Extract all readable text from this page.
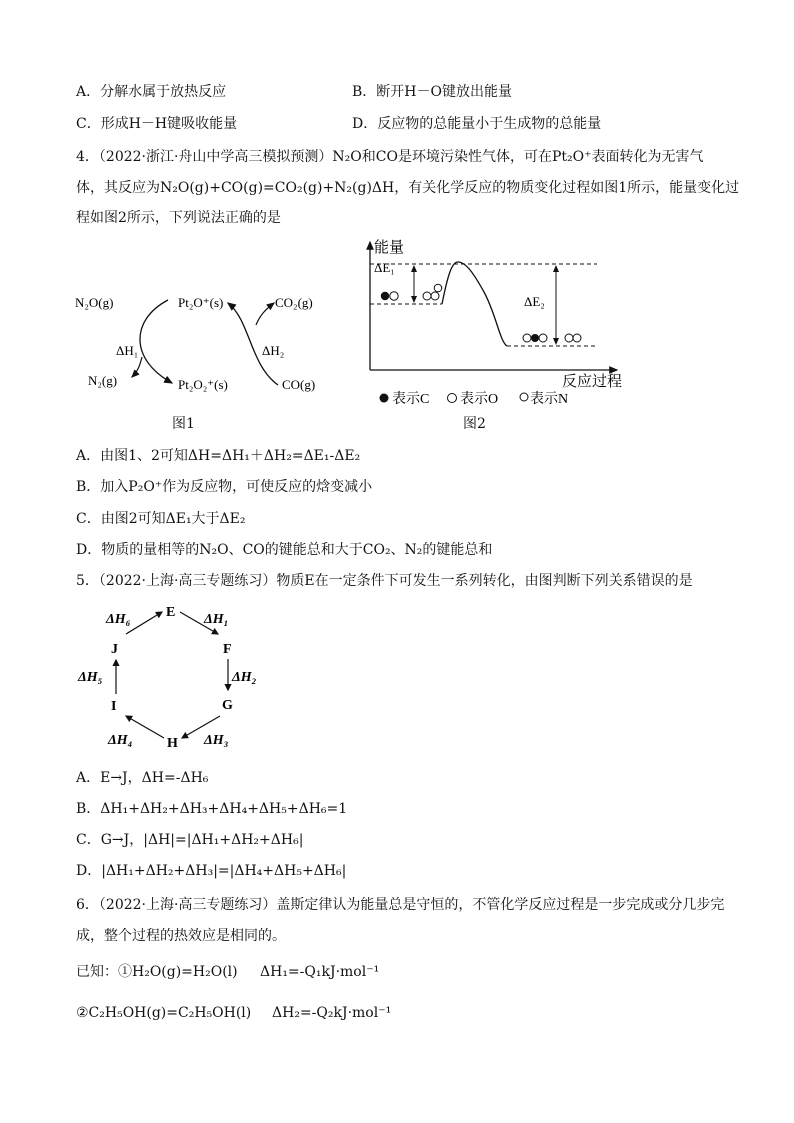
A．分解水属于放热反应	B．断开H－O键放出能量
C．形成H－H键吸收能量	D．反应物的总能量小于生成物的总能量
4．（2022·浙江·舟山中学高三模拟预测）N₂O和CO是环境污染性气体，可在Pt₂O⁺表面转化为无害气
体，其反应为N₂O(g)+CO(g)=CO₂(g)+N₂(g)ΔH，有关化学反应的物质变化过程如图1所示，能量变化过
程如图2所示，下列说法正确的是
N₂O(g)	Pt₂O⁺(s)	CO₂(g)
ΔH₁	ΔH₂
N₂(g)	Pt₂O₂⁺(s)	CO(g)
图1
能量
反应过程
ΔE₁
ΔE₂
表示C 表示O 表示N
图2
A．由图1、2可知ΔH=ΔH₁＋ΔH₂=ΔE₁-ΔE₂
B．加入P₂O⁺作为反应物，可使反应的焓变减小
C．由图2可知ΔE₁大于ΔE₂
D．物质的量相等的N₂O、CO的键能总和大于CO₂、N₂的键能总和
5．（2022·上海·高三专题练习）物质E在一定条件下可发生一系列转化，由图判断下列关系错误的是
E
F
G
H
I
J
ΔH₆	ΔH₁
ΔH₂
ΔH₃
ΔH₄
ΔH₅
A．E→J，ΔH=-ΔH₆
B．ΔH₁+ΔH₂+ΔH₃+ΔH₄+ΔH₅+ΔH₆=1
C．G→J，|ΔH|=|ΔH₁+ΔH₂+ΔH₆|
D．|ΔH₁+ΔH₂+ΔH₃|=|ΔH₄+ΔH₅+ΔH₆|
6．（2022·上海·高三专题练习）盖斯定律认为能量总是守恒的，不管化学反应过程是一步完成或分几步完
成，整个过程的热效应是相同的。
已知：①H₂O(g)=H₂O(l) ΔH₁=-Q₁kJ·mol⁻¹
②C₂H₅OH(g)=C₂H₅OH(l) ΔH₂=-Q₂kJ·mol⁻¹
